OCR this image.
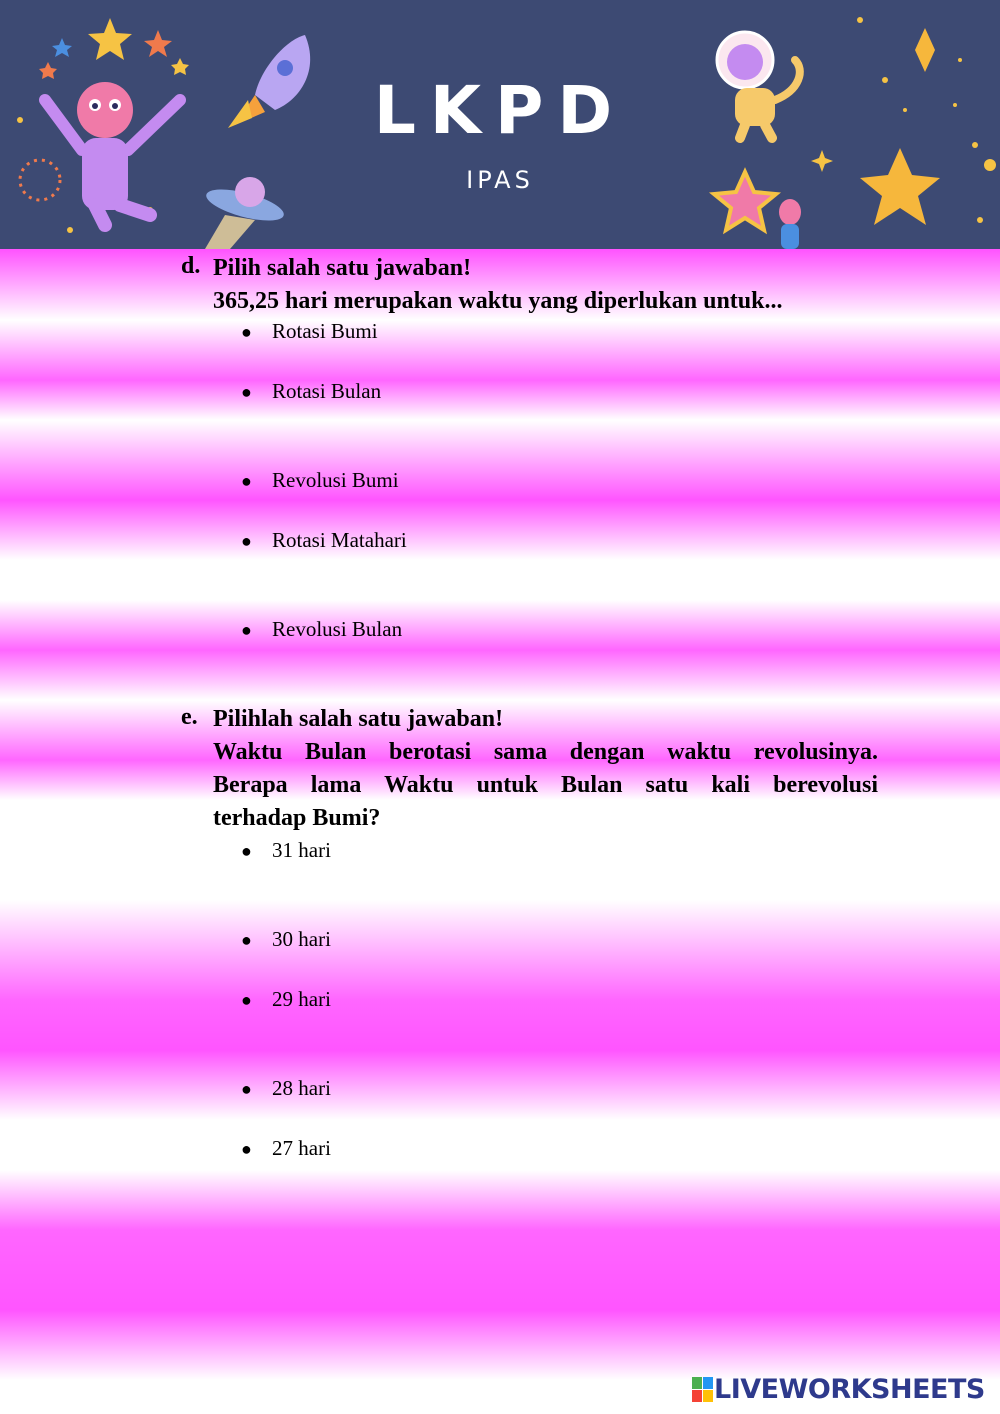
LKPD
IPAS
d. Pilih salah satu jawaban!
365,25 hari merupakan waktu yang diperlukan untuk...
● Rotasi Bumi
● Rotasi Bulan
● Revolusi Bumi
● Rotasi Matahari
● Revolusi Bulan
e. Pilihlah salah satu jawaban!
Waktu Bulan berotasi sama dengan waktu revolusinya.
Berapa lama Waktu untuk Bulan satu kali berevolusi
terhadap Bumi?
● 31 hari
● 30 hari
● 29 hari
● 28 hari
● 27 hari
LIVEWORKSHEETS
